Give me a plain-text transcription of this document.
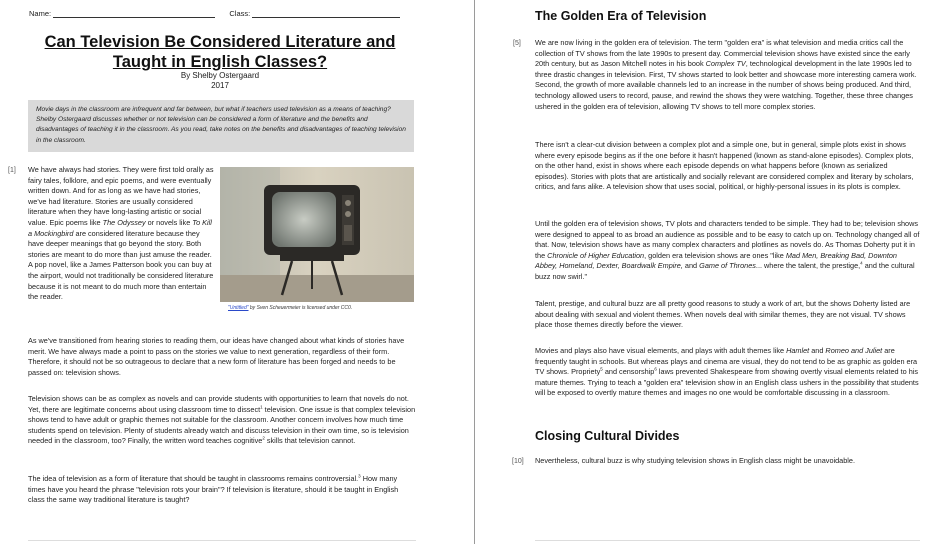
Name:	Class:
Can Television Be Considered Literature and
Taught in English Classes?
By Shelby Ostergaard
2017
Movie days in the classroom are infrequent and far between, but what if teachers used television as a means of teaching? Shelby Ostergaard discusses whether or not television can be considered a form of literature and the benefits and disadvantages of teaching it in the classroom. As you read, take notes on the benefits and disadvantages of teaching television in the classroom.
[1] We have always had stories. They were first told orally as fairy tales, folklore, and epic poems, and were eventually written down. And for as long as we have had stories, we've had literature. Stories are usually considered literature when they have long-lasting artistic or social value. Epic poems like The Odyssey or novels like To Kill a Mockingbird are considered literature because they have deeper meanings that go beyond the story. Both stories are meant to do more than just amuse the reader. A pop novel, like a James Patterson book you can buy at the airport, would not traditionally be considered literature because it is not meant to do much more than entertain the reader.

"Untitled" by Sven Scheuermeier is licensed under CC0.

As we've transitioned from hearing stories to reading them, our ideas have changed about what kinds of stories have merit. We have always made a point to pass on the stories we value to next generation, regardless of their form. Therefore, it should not be so outrageous to declare that a new form of literature has been forged and needs to be passed on: television shows.

Television shows can be as complex as novels and can provide students with opportunities to learn that novels do not. Yet, there are legitimate concerns about using classroom time to dissect$^1$ television. One issue is that complex television shows tend to have adult or graphic themes not suitable for the classroom. Another concern involves how much time students spend on television. Plenty of students already watch and discuss television in their own time, so is television needed in the classroom, too? Finally, the written word teaches cognitive$^2$ skills that television cannot.

The idea of television as a form of literature that should be taught in classrooms remains controversial.$^3$ How many times have you heard the phrase "television rots your brain"? If television is literature, should it be taught in English class the same way traditional literature is taught?

The Golden Era of Television
[5] We are now living in the golden era of television. The term "golden era" is what television and media critics call the collection of TV shows from the late 1990s to present day. Commercial television shows have existed since the early 20th century, but as Jason Mitchell notes in his book Complex TV, technological development in the late 1990s led to three drastic changes in television. First, TV shows started to look better and showcase more interesting camera work. Second, the growth of more available channels led to an increase in the number of shows being produced. And third, technology allowed users to record, pause, and rewind the shows they were watching. Together, these three changes ushered in the golden era of television, allowing TV shows to tell more complex stories.

There isn't a clear-cut division between a complex plot and a simple one, but in general, simple plots exist in shows where every episode begins as if the one before it hasn't happened (known as stand-alone episodes). Complex plots, on the other hand, exist in shows where each episode depends on what happens before (known as serialized episodes). Stories with plots that are artistically and socially relevant are considered complex and literary by scholars, critics, and fans alike. A television show that uses social, political, or highly-personal issues in its plots is complex.

Until the golden era of television shows, TV plots and characters tended to be simple. They had to be; television shows were designed to appeal to as broad an audience as possible and to be easy to catch up on. Technology changed all of that. Now, television shows have as many complex characters and plotlines as novels do. As Thomas Doherty put it in the Chronicle of Higher Education, golden era television shows are ones "like Mad Men, Breaking Bad, Downton Abbey, Homeland, Dexter, Boardwalk Empire, and Game of Thrones... where the talent, the prestige,$^4$ and the cultural buzz now swirl."

Talent, prestige, and cultural buzz are all pretty good reasons to study a work of art, but the shows Doherty listed are about dealing with sexual and violent themes. When novels deal with similar themes, they are not visual. TV shows place those themes directly before the viewer.

Movies and plays also have visual elements, and plays with adult themes like Hamlet and Romeo and Juliet are frequently taught in schools. But whereas plays and cinema are visual, they do not tend to be as graphic as golden era TV shows. Propriety$^5$ and censorship$^6$ laws prevented Shakespeare from showing overtly visual elements related to his mature themes. Trying to teach a "golden era" television show in an English class ushers in the possibility that students will be exposed to overtly mature themes and images no one would be comfortable discussing in a classroom.

Closing Cultural Divides
[10] Nevertheless, cultural buzz is why studying television shows in English class might be unavoidable.
